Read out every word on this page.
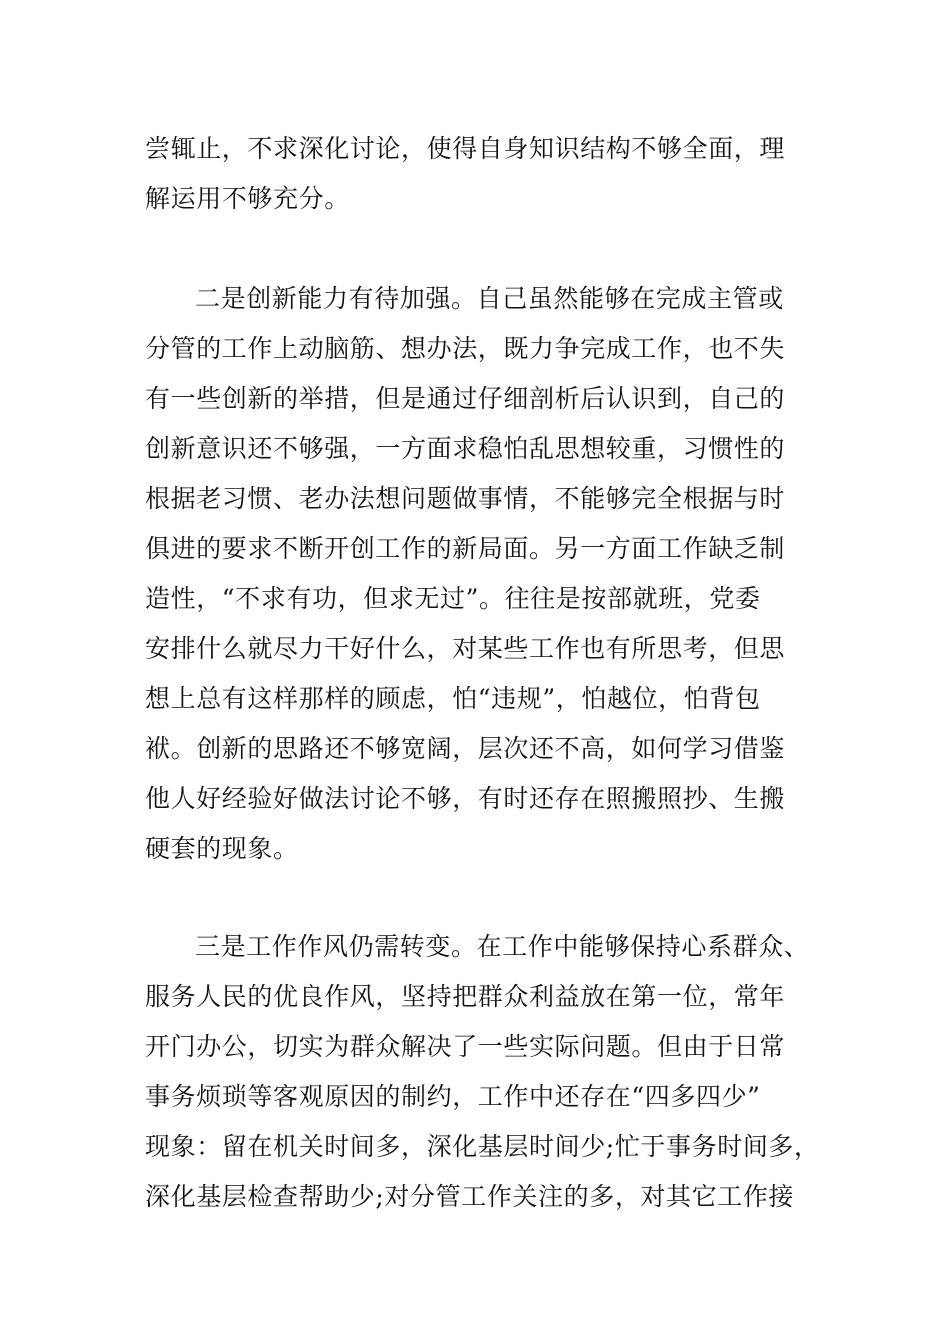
尝辄止，不求深化讨论，使得自身知识结构不够全面，理
解运用不够充分。
二是创新能力有待加强。自己虽然能够在完成主管或
分管的工作上动脑筋、想办法，既力争完成工作，也不失
有一些创新的举措，但是通过仔细剖析后认识到，自己的
创新意识还不够强，一方面求稳怕乱思想较重，习惯性的
根据老习惯、老办法想问题做事情，不能够完全根据与时
俱进的要求不断开创工作的新局面。另一方面工作缺乏制
造性，“不求有功，但求无过”。往往是按部就班，党委
安排什么就尽力干好什么，对某些工作也有所思考，但思
想上总有这样那样的顾虑，怕“违规”，怕越位，怕背包
袱。创新的思路还不够宽阔，层次还不高，如何学习借鉴
他人好经验好做法讨论不够，有时还存在照搬照抄、生搬
硬套的现象。
三是工作作风仍需转变。在工作中能够保持心系群众、
服务人民的优良作风，坚持把群众利益放在第一位，常年
开门办公，切实为群众解决了一些实际问题。但由于日常
事务烦琐等客观原因的制约，工作中还存在“四多四少”
现象：留在机关时间多，深化基层时间少;忙于事务时间多，
深化基层检查帮助少;对分管工作关注的多，对其它工作接
